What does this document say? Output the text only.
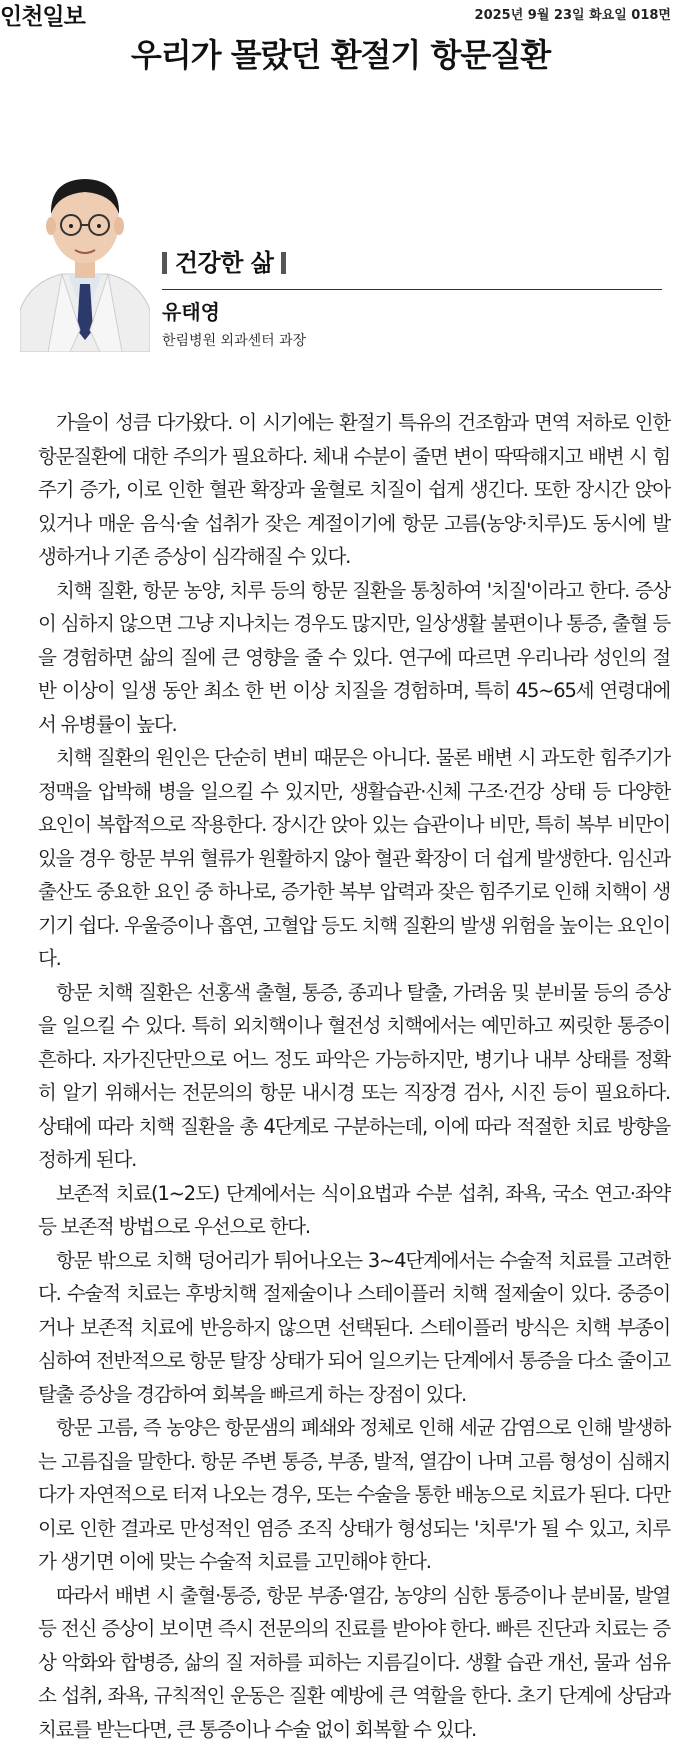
인천일보	2025년 9월 23일 화요일 018면
우리가 몰랐던 환절기 항문질환
건강한 삶
유태영
한림병원 외과센터 과장

가을이 성큼 다가왔다. 이 시기에는 환절기 특유의 건조함과 면역 저하로 인한 항문질환에 대한 주의가 필요하다. 체내 수분이 줄면 변이 딱딱해지고 배변 시 힘주기 증가, 이로 인한 혈관 확장과 울혈로 치질이 쉽게 생긴다. 또한 장시간 앉아 있거나 매운 음식·술 섭취가 잦은 계절이기에 항문 고름(농양·치루)도 동시에 발생하거나 기존 증상이 심각해질 수 있다.

치핵 질환, 항문 농양, 치루 등의 항문 질환을 통칭하여 '치질'이라고 한다. 증상이 심하지 않으면 그냥 지나치는 경우도 많지만, 일상생활 불편이나 통증, 출혈 등을 경험하면 삶의 질에 큰 영향을 줄 수 있다. 연구에 따르면 우리나라 성인의 절반 이상이 일생 동안 최소 한 번 이상 치질을 경험하며, 특히 45~65세 연령대에서 유병률이 높다.

치핵 질환의 원인은 단순히 변비 때문은 아니다. 물론 배변 시 과도한 힘주기가 정맥을 압박해 병을 일으킬 수 있지만, 생활습관·신체 구조·건강 상태 등 다양한 요인이 복합적으로 작용한다. 장시간 앉아 있는 습관이나 비만, 특히 복부 비만이 있을 경우 항문 부위 혈류가 원활하지 않아 혈관 확장이 더 쉽게 발생한다. 임신과 출산도 중요한 요인 중 하나로, 증가한 복부 압력과 잦은 힘주기로 인해 치핵이 생기기 쉽다. 우울증이나 흡연, 고혈압 등도 치핵 질환의 발생 위험을 높이는 요인이다.

항문 치핵 질환은 선홍색 출혈, 통증, 종괴나 탈출, 가려움 및 분비물 등의 증상을 일으킬 수 있다. 특히 외치핵이나 혈전성 치핵에서는 예민하고 찌릿한 통증이 흔하다. 자가진단만으로 어느 정도 파악은 가능하지만, 병기나 내부 상태를 정확히 알기 위해서는 전문의의 항문 내시경 또는 직장경 검사, 시진 등이 필요하다. 상태에 따라 치핵 질환을 총 4단계로 구분하는데, 이에 따라 적절한 치료 방향을 정하게 된다.

보존적 치료(1~2도) 단계에서는 식이요법과 수분 섭취, 좌욕, 국소 연고·좌약 등 보존적 방법으로 우선으로 한다.

항문 밖으로 치핵 덩어리가 튀어나오는 3~4단계에서는 수술적 치료를 고려한다. 수술적 치료는 후방치핵 절제술이나 스테이플러 치핵 절제술이 있다. 중증이거나 보존적 치료에 반응하지 않으면 선택된다. 스테이플러 방식은 치핵 부종이 심하여 전반적으로 항문 탈장 상태가 되어 일으키는 단계에서 통증을 다소 줄이고 탈출 증상을 경감하여 회복을 빠르게 하는 장점이 있다.

항문 고름, 즉 농양은 항문샘의 폐쇄와 정체로 인해 세균 감염으로 인해 발생하는 고름집을 말한다. 항문 주변 통증, 부종, 발적, 열감이 나며 고름 형성이 심해지다가 자연적으로 터져 나오는 경우, 또는 수술을 통한 배농으로 치료가 된다. 다만 이로 인한 결과로 만성적인 염증 조직 상태가 형성되는 '치루'가 될 수 있고, 치루가 생기면 이에 맞는 수술적 치료를 고민해야 한다.

따라서 배변 시 출혈·통증, 항문 부종·열감, 농양의 심한 통증이나 분비물, 발열 등 전신 증상이 보이면 즉시 전문의의 진료를 받아야 한다. 빠른 진단과 치료는 증상 악화와 합병증, 삶의 질 저하를 피하는 지름길이다. 생활 습관 개선, 물과 섬유소 섭취, 좌욕, 규칙적인 운동은 질환 예방에 큰 역할을 한다. 초기 단계에 상담과 치료를 받는다면, 큰 통증이나 수술 없이 회복할 수 있다.
